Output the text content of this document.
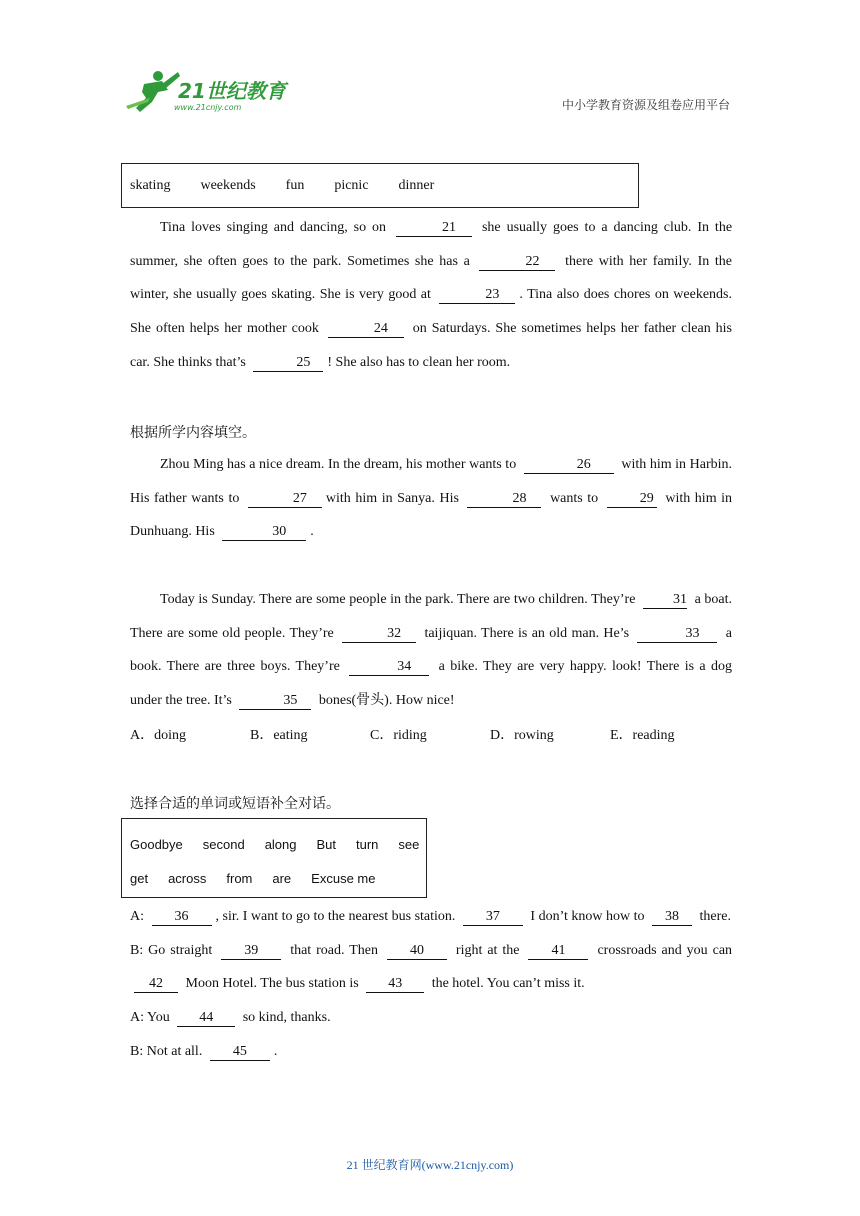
21世纪教育
www.21cnjy.com	中小学教育资源及组卷应用平台
skating weekends fun picnic dinner
Tina loves singing and dancing, so on	21 she usually goes to a dancing club. In the summer, she often goes to the park. Sometimes she has a	22 there with her family. In the winter, she usually goes skating. She is very good at	23 . Tina also does chores on weekends. She often helps her mother cook	24 on Saturdays. She sometimes helps her father clean his car. She thinks that’s	25 ! She also has to clean her room.
根据所学内容填空。
Zhou Ming has a nice dream. In the dream, his mother wants to	26 with him in Harbin. His father wants to	27 with him in Sanya. His	28 wants to	29 with him in Dunhuang. His	30 .
Today is Sunday. There are some people in the park. There are two children. They’re	31 a boat. There are some old people. They’re	32 taijiquan. There is an old man. He’s	33 a book. There are three boys. They’re	34 a bike. They are very happy. look! There is a dog under the tree. It’s	35 bones(骨头). How nice!
A．doing	B．eating	C．riding	D．rowing	E．reading
选择合适的单词或短语补全对话。
Goodbye second along But turn see
get across from are Excuse me
A: 36 , sir. I want to go to the nearest bus station. 37 I don’t know how to 38 there.
B: Go straight 39 that road. Then 40 right at the 41 crossroads and you can 42 Moon Hotel. The bus station is 43 the hotel. You can’t miss it.
A: You 44 so kind, thanks.
B: Not at all. 45 .
21 世纪教育网(www.21cnjy.com)
